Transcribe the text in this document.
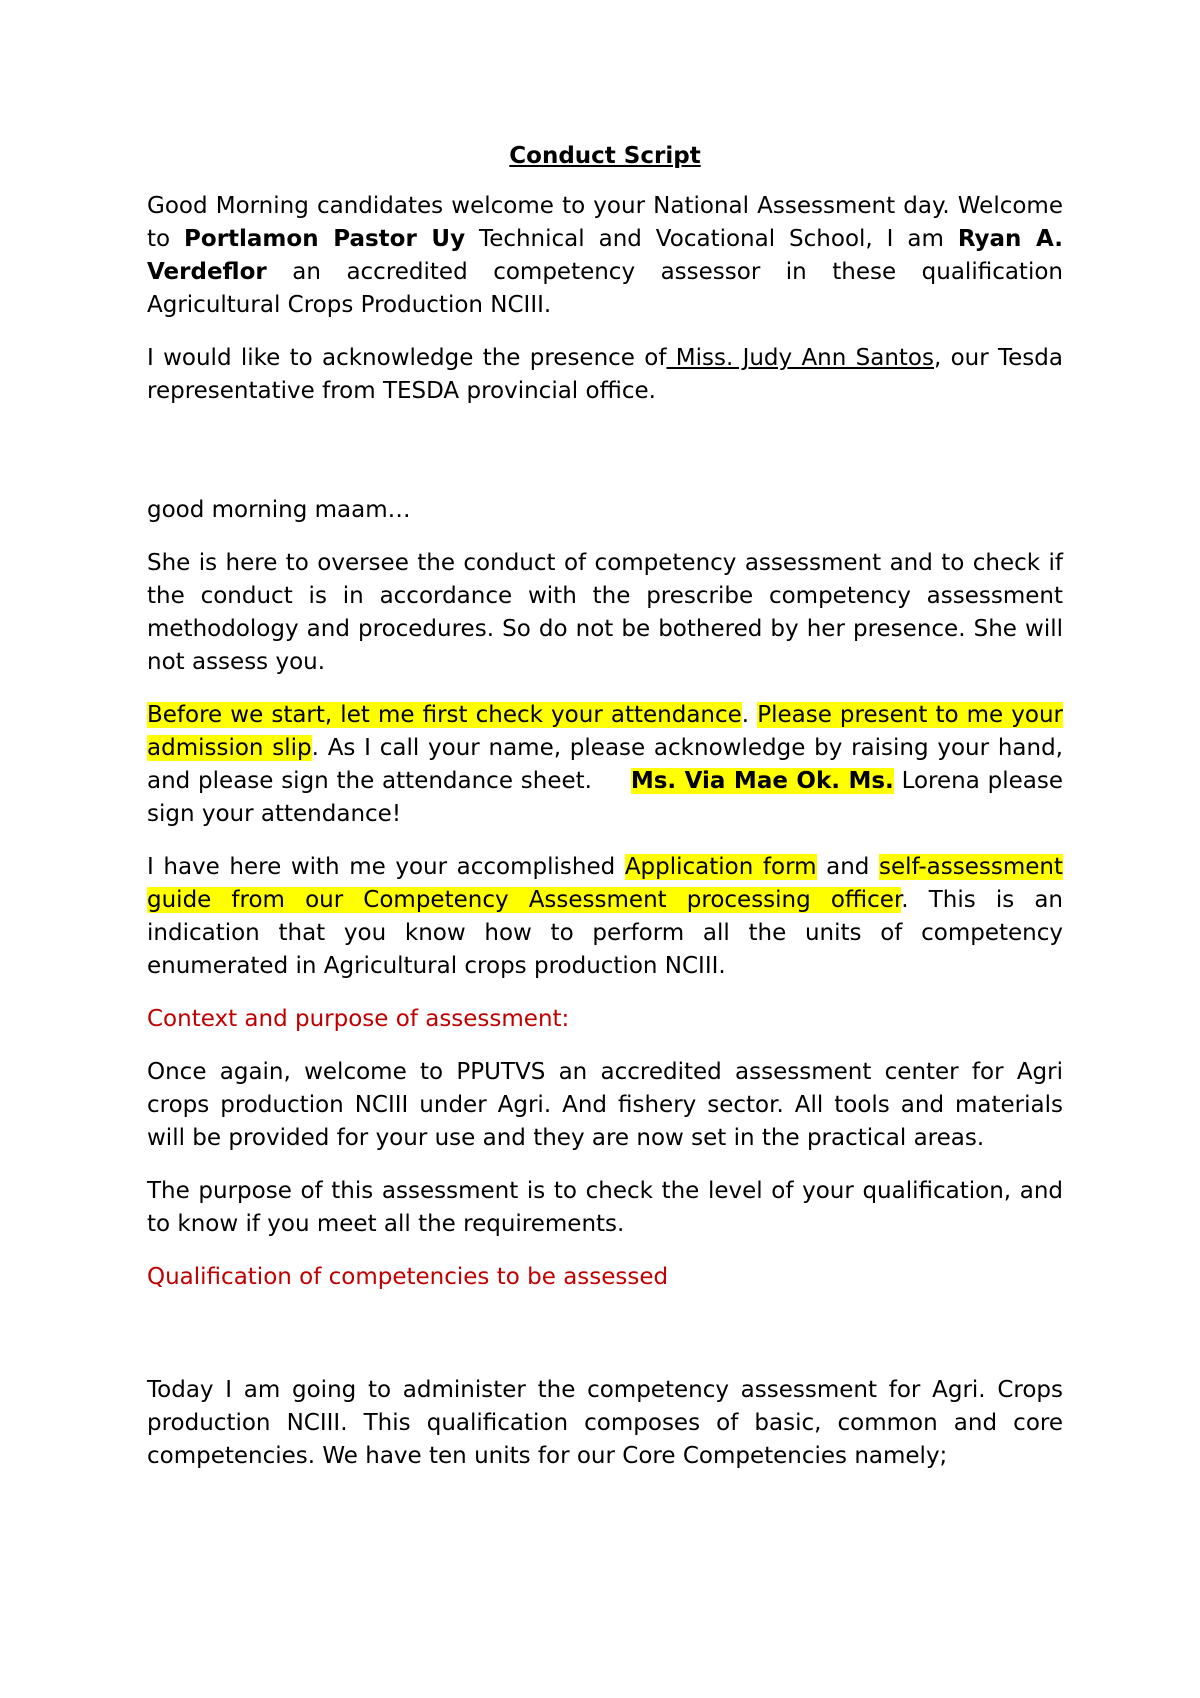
Conduct Script

Good Morning candidates welcome to your National Assessment day. Welcome to Portlamon Pastor Uy Technical and Vocational School, I am Ryan A. Verdeflor an accredited competency assessor in these qualification Agricultural Crops Production NCIII.

I would like to acknowledge the presence of Miss. Judy Ann Santos, our Tesda representative from TESDA provincial office.

good morning maam…

She is here to oversee the conduct of competency assessment and to check if the conduct is in accordance with the prescribe competency assessment methodology and procedures. So do not be bothered by her presence. She will not assess you.

Before we start, let me first check your attendance. Please present to me your admission slip. As I call your name, please acknowledge by raising your hand, and please sign the attendance sheet.     Ms. Via Mae Ok. Ms. Lorena please sign your attendance!

I have here with me your accomplished Application form and self-assessment guide from our Competency Assessment processing officer. This is an indication that you know how to perform all the units of competency enumerated in Agricultural crops production NCIII.

Context and purpose of assessment:

Once again, welcome to PPUTVS an accredited assessment center for Agri crops production NCIII under Agri. And fishery sector. All tools and materials will be provided for your use and they are now set in the practical areas.

The purpose of this assessment is to check the level of your qualification, and to know if you meet all the requirements.

Qualification of competencies to be assessed

Today I am going to administer the competency assessment for Agri. Crops production NCIII. This qualification composes of basic, common and core competencies. We have ten units for our Core Competencies namely;
